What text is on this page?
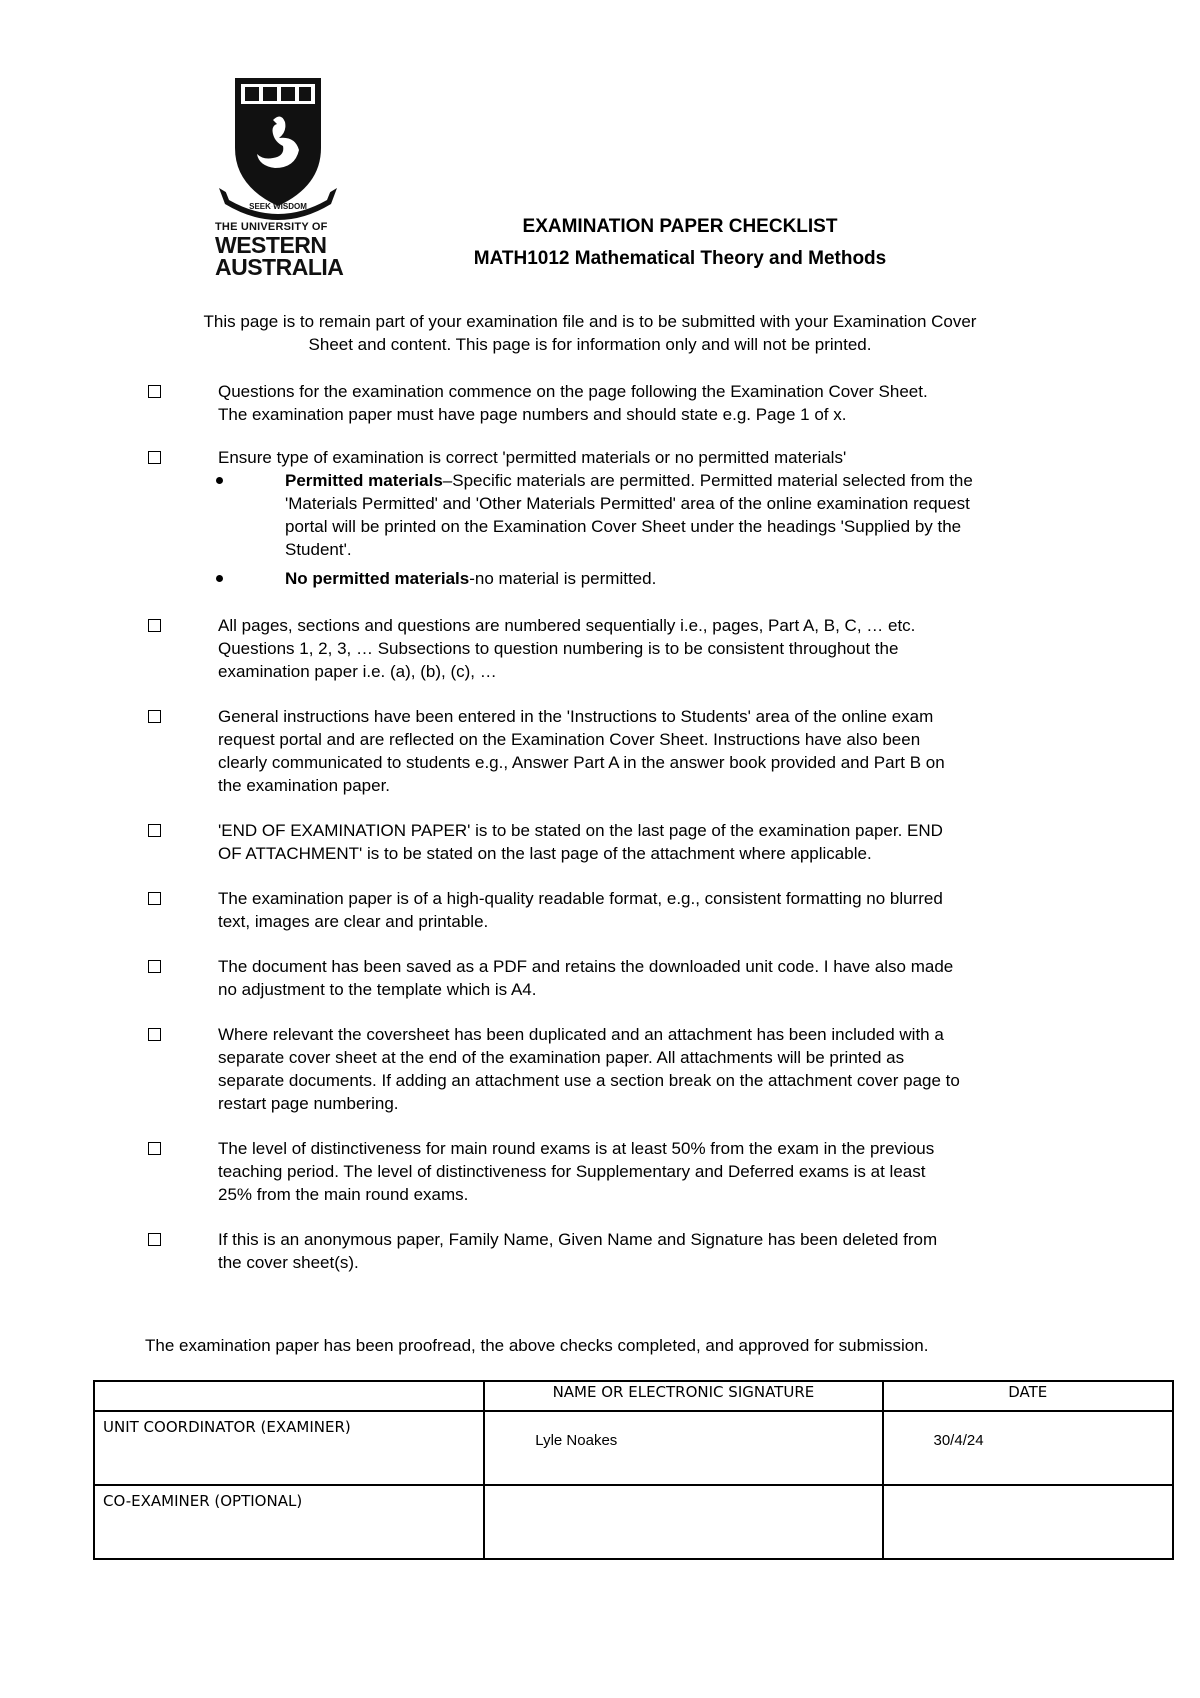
SEEK WISDOM
THE UNIVERSITY OF
WESTERN
AUSTRALIA
EXAMINATION PAPER CHECKLIST
MATH1012 Mathematical Theory and Methods
This page is to remain part of your examination file and is to be submitted with your Examination Cover
Sheet and content. This page is for information only and will not be printed.
Questions for the examination commence on the page following the Examination Cover Sheet.
The examination paper must have page numbers and should state e.g. Page 1 of x.
Ensure type of examination is correct 'permitted materials or no permitted materials'
Permitted materials–Specific materials are permitted. Permitted material selected from the
'Materials Permitted' and 'Other Materials Permitted' area of the online examination request
portal will be printed on the Examination Cover Sheet under the headings 'Supplied by the
Student'.
No permitted materials-no material is permitted.
All pages, sections and questions are numbered sequentially i.e., pages, Part A, B, C, … etc.
Questions 1, 2, 3, … Subsections to question numbering is to be consistent throughout the
examination paper i.e. (a), (b), (c), …
General instructions have been entered in the 'Instructions to Students' area of the online exam
request portal and are reflected on the Examination Cover Sheet. Instructions have also been
clearly communicated to students e.g., Answer Part A in the answer book provided and Part B on
the examination paper.
'END OF EXAMINATION PAPER' is to be stated on the last page of the examination paper. END
OF ATTACHMENT' is to be stated on the last page of the attachment where applicable.
The examination paper is of a high-quality readable format, e.g., consistent formatting no blurred
text, images are clear and printable.
The document has been saved as a PDF and retains the downloaded unit code. I have also made
no adjustment to the template which is A4.
Where relevant the coversheet has been duplicated and an attachment has been included with a
separate cover sheet at the end of the examination paper. All attachments will be printed as
separate documents. If adding an attachment use a section break on the attachment cover page to
restart page numbering.
The level of distinctiveness for main round exams is at least 50% from the exam in the previous
teaching period. The level of distinctiveness for Supplementary and Deferred exams is at least
25% from the main round exams.
If this is an anonymous paper, Family Name, Given Name and Signature has been deleted from
the cover sheet(s).
The examination paper has been proofread, the above checks completed, and approved for submission.
	NAME OR ELECTRONIC SIGNATURE	DATE
UNIT COORDINATOR (EXAMINER)	Lyle Noakes	30/4/24
CO-EXAMINER (OPTIONAL)		
